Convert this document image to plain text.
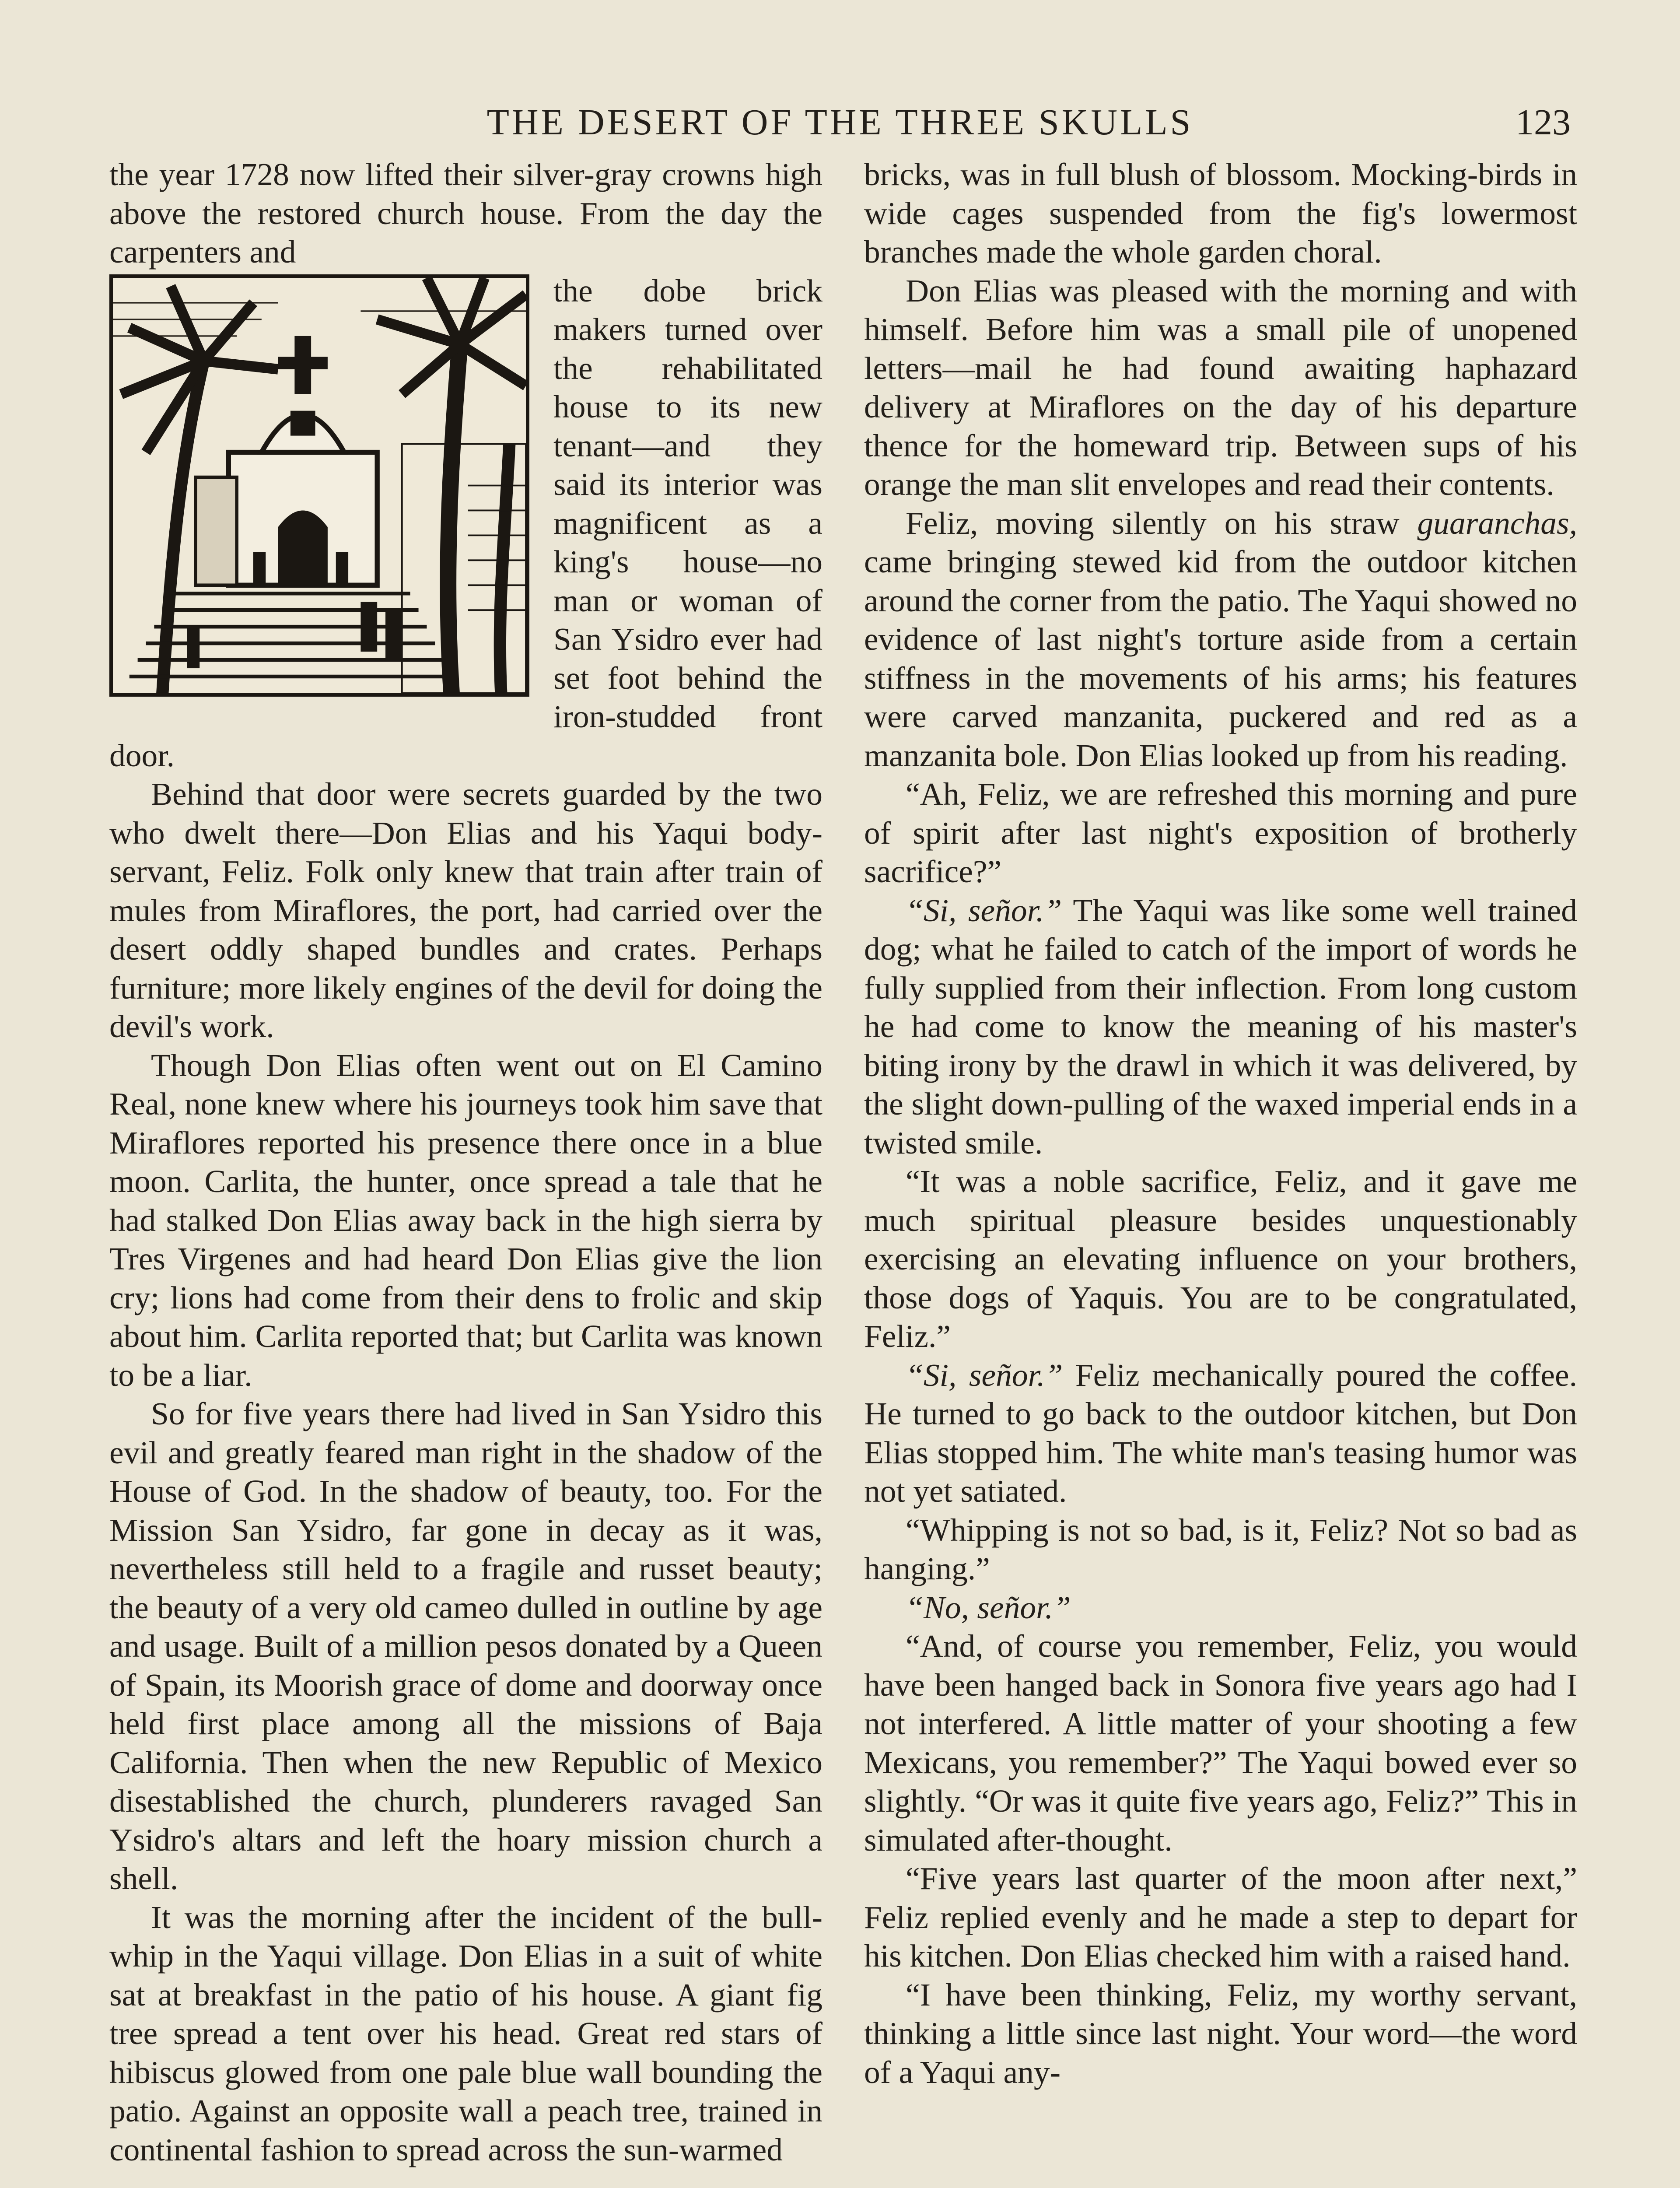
THE DESERT OF THE THREE SKULLS	123

the year 1728 now lifted their silver-gray crowns high above the restored church house. From the day the carpenters and

the dobe brick makers turned over the rehabilitated house to its new tenant—and they said its interior was magnificent as a king's house—no man or woman of San Ysidro ever had set foot behind the iron-studded front door.

Behind that door were secrets guarded by the two who dwelt there—Don Elias and his Yaqui body-servant, Feliz. Folk only knew that train after train of mules from Miraflores, the port, had carried over the desert oddly shaped bundles and crates. Perhaps furniture; more likely engines of the devil for doing the devil's work.

Though Don Elias often went out on El Camino Real, none knew where his journeys took him save that Miraflores reported his presence there once in a blue moon. Carlita, the hunter, once spread a tale that he had stalked Don Elias away back in the high sierra by Tres Virgenes and had heard Don Elias give the lion cry; lions had come from their dens to frolic and skip about him. Carlita reported that; but Carlita was known to be a liar.

So for five years there had lived in San Ysidro this evil and greatly feared man right in the shadow of the House of God. In the shadow of beauty, too. For the Mission San Ysidro, far gone in decay as it was, nevertheless still held to a fragile and russet beauty; the beauty of a very old cameo dulled in outline by age and usage. Built of a million pesos donated by a Queen of Spain, its Moorish grace of dome and doorway once held first place among all the missions of Baja California. Then when the new Republic of Mexico disestablished the church, plunderers ravaged San Ysidro's altars and left the hoary mission church a shell.

It was the morning after the incident of the bull-whip in the Yaqui village. Don Elias in a suit of white sat at breakfast in the patio of his house. A giant fig tree spread a tent over his head. Great red stars of hibiscus glowed from one pale blue wall bounding the patio. Against an opposite wall a peach tree, trained in continental fashion to spread across the sun-warmed

bricks, was in full blush of blossom. Mocking-birds in wide cages suspended from the fig's lowermost branches made the whole garden choral.

Don Elias was pleased with the morning and with himself. Before him was a small pile of unopened letters—mail he had found awaiting haphazard delivery at Miraflores on the day of his departure thence for the homeward trip. Between sups of his orange the man slit envelopes and read their contents.

Feliz, moving silently on his straw guaranchas, came bringing stewed kid from the outdoor kitchen around the corner from the patio. The Yaqui showed no evidence of last night's torture aside from a certain stiffness in the movements of his arms; his features were carved manzanita, puckered and red as a manzanita bole. Don Elias looked up from his reading.

“Ah, Feliz, we are refreshed this morning and pure of spirit after last night's exposition of brotherly sacrifice?”

“Si, señor.” The Yaqui was like some well trained dog; what he failed to catch of the import of words he fully supplied from their inflection. From long custom he had come to know the meaning of his master's biting irony by the drawl in which it was delivered, by the slight down-pulling of the waxed imperial ends in a twisted smile.

“It was a noble sacrifice, Feliz, and it gave me much spiritual pleasure besides unquestionably exercising an elevating influence on your brothers, those dogs of Yaquis. You are to be congratulated, Feliz.”

“Si, señor.” Feliz mechanically poured the coffee. He turned to go back to the outdoor kitchen, but Don Elias stopped him. The white man's teasing humor was not yet satiated.

“Whipping is not so bad, is it, Feliz? Not so bad as hanging.”

“No, señor.”

“And, of course you remember, Feliz, you would have been hanged back in Sonora five years ago had I not interfered. A little matter of your shooting a few Mexicans, you remember?” The Yaqui bowed ever so slightly. “Or was it quite five years ago, Feliz?” This in simulated after-thought.

“Five years last quarter of the moon after next,” Feliz replied evenly and he made a step to depart for his kitchen. Don Elias checked him with a raised hand.

“I have been thinking, Feliz, my worthy servant, thinking a little since last night. Your word—the word of a Yaqui any-
